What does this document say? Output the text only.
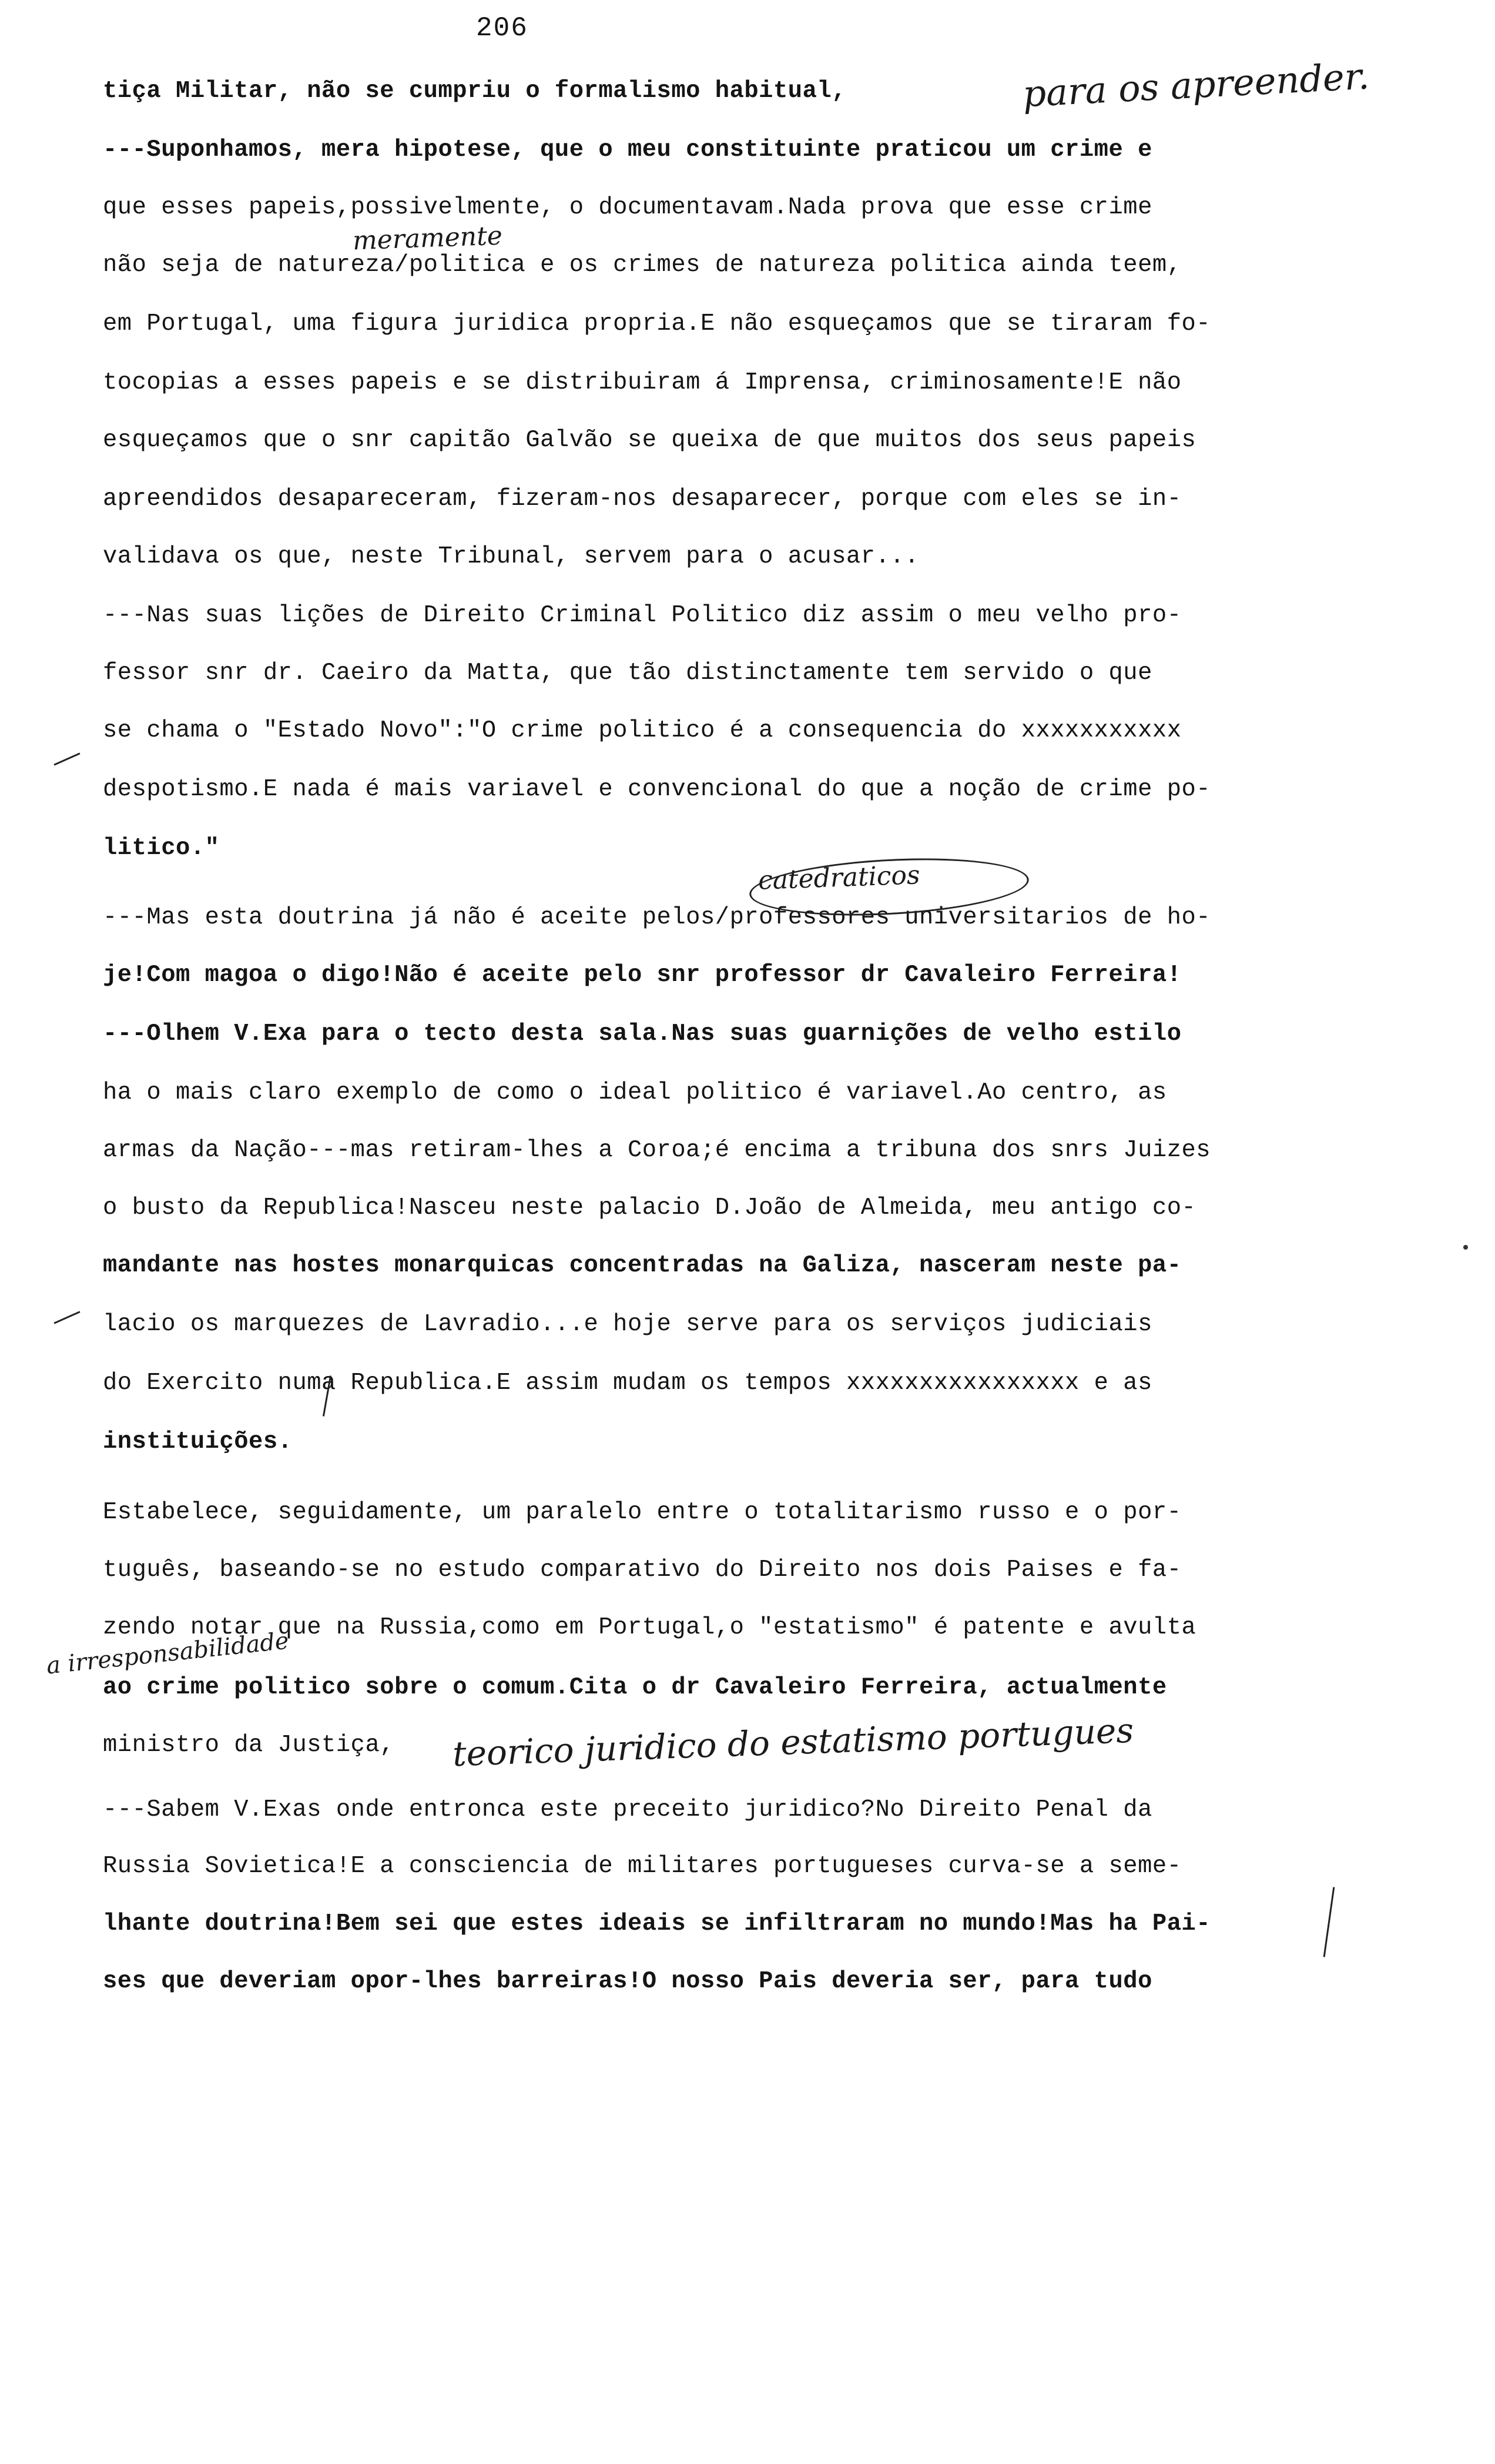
206
tiça Militar, não se cumpriu o formalismo habitual,
---Suponhamos, mera hipotese, que o meu constituinte praticou um crime e
que esses papeis,possivelmente, o documentavam.Nada prova que esse crime
não seja de natureza/politica e os crimes de natureza politica ainda teem,
em Portugal, uma figura juridica propria.E não esqueçamos que se tiraram fo-
tocopias a esses papeis e se distribuiram á Imprensa, criminosamente!E não
esqueçamos que o snr capitão Galvão se queixa de que muitos dos seus papeis
apreendidos desapareceram, fizeram-nos desaparecer, porque com eles se in-
validava os que, neste Tribunal, servem para o acusar...
---Nas suas lições de Direito Criminal Politico diz assim o meu velho pro-
fessor snr dr. Caeiro da Matta, que tão distinctamente tem servido o que
se chama o "Estado Novo":"O crime politico é a consequencia do xxxxxxxxxxx
despotismo.E nada é mais variavel e convencional do que a noção de crime po-
litico."
---Mas esta doutrina já não é aceite pelos/professores universitarios de ho-
je!Com magoa o digo!Não é aceite pelo snr professor dr Cavaleiro Ferreira!
---Olhem V.Exa para o tecto desta sala.Nas suas guarnições de velho estilo
ha o mais claro exemplo de como o ideal politico é variavel.Ao centro, as
armas da Nação---mas retiram-lhes a Coroa;é encima a tribuna dos snrs Juizes
o busto da Republica!Nasceu neste palacio D.João de Almeida, meu antigo co-
mandante nas hostes monarquicas concentradas na Galiza, nasceram neste pa-
lacio os marquezes de Lavradio...e hoje serve para os serviços judiciais
do Exercito numa Republica.E assim mudam os tempos xxxxxxxxxxxxxxxx e as
instituições.
Estabelece, seguidamente, um paralelo entre o totalitarismo russo e o por-
tuguês, baseando-se no estudo comparativo do Direito nos dois Paises e fa-
zendo notar que na Russia,como em Portugal,o "estatismo" é patente e avulta
ao crime politico sobre o comum.Cita o dr Cavaleiro Ferreira, actualmente
ministro da Justiça,
---Sabem V.Exas onde entronca este preceito juridico?No Direito Penal da
Russia Sovietica!E a consciencia de militares portugueses curva-se a seme-
lhante doutrina!Bem sei que estes ideais se infiltraram no mundo!Mas ha Pai-
ses que deveriam opor-lhes barreiras!O nosso Pais deveria ser, para tudo
para os apreender.
meramente
catedraticos
a irresponsabilidade
teorico juridico do estatismo portugues
